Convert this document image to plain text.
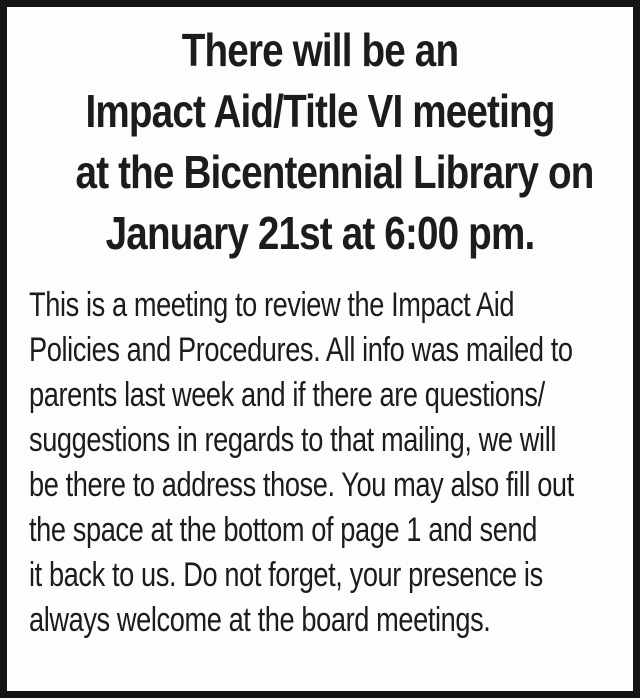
There will be an
Impact Aid/Title VI meeting
at the Bicentennial Library on
January 21st at 6:00 pm.
This is a meeting to review the Impact Aid
Policies and Procedures. All info was mailed to
parents last week and if there are questions/
suggestions in regards to that mailing, we will
be there to address those. You may also fill out
the space at the bottom of page 1 and send
it back to us. Do not forget, your presence is
always welcome at the board meetings.
